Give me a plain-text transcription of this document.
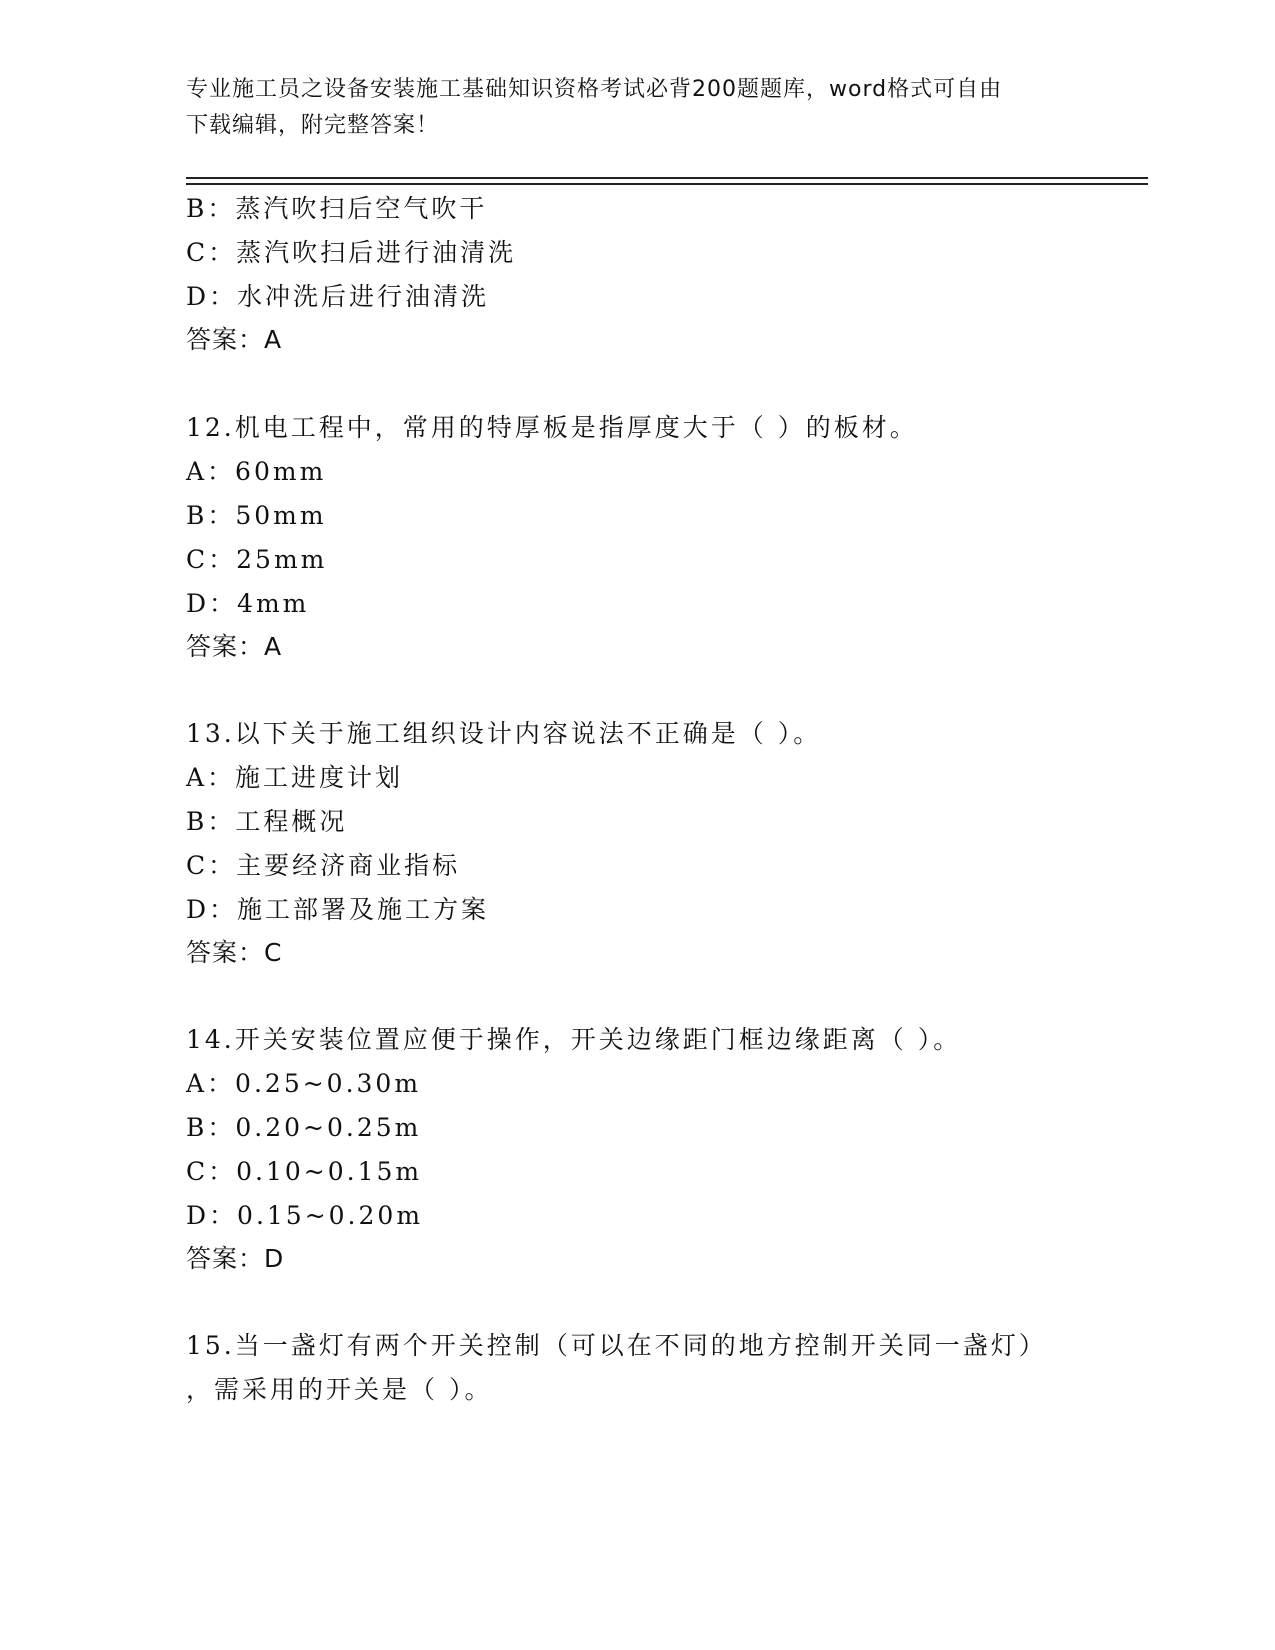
专业施工员之设备安装施工基础知识资格考试必背200题题库，word格式可自由
下载编辑，附完整答案！
B：蒸汽吹扫后空气吹干
C：蒸汽吹扫后进行油清洗
D：水冲洗后进行油清洗
答案：A
12.机电工程中，常用的特厚板是指厚度大于（ ）的板材。
A：60mm
B：50mm
C：25mm
D：4mm
答案：A
13.以下关于施工组织设计内容说法不正确是（ ）。
A：施工进度计划
B：工程概况
C：主要经济商业指标
D：施工部署及施工方案
答案：C
14.开关安装位置应便于操作，开关边缘距门框边缘距离（ ）。
A：0.25~0.30m
B：0.20~0.25m
C：0.10~0.15m
D：0.15~0.20m
答案：D
15.当一盏灯有两个开关控制（可以在不同的地方控制开关同一盏灯）
，需采用的开关是（ ）。
